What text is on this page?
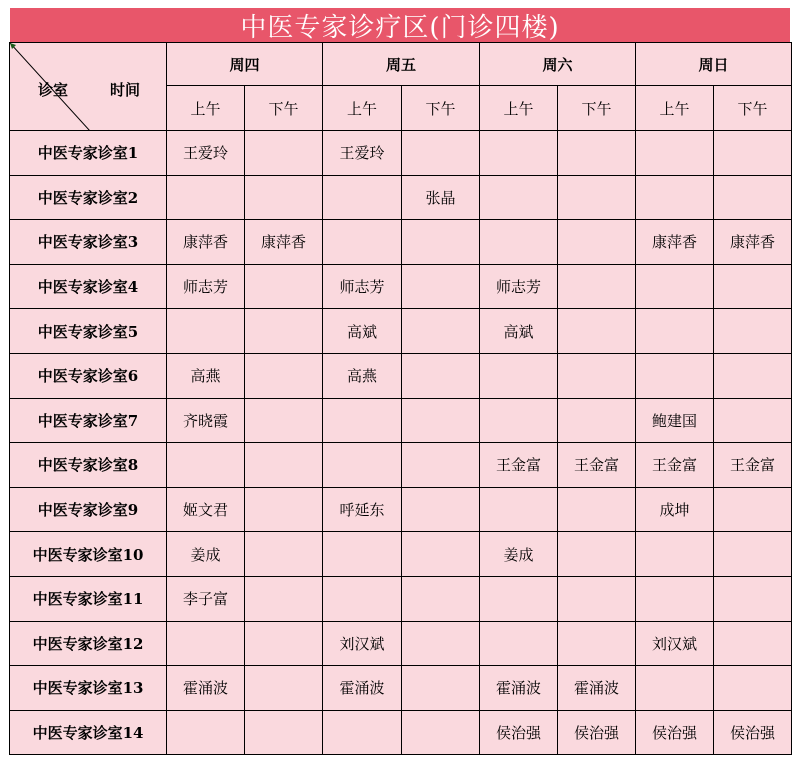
中医专家诊疗区(门诊四楼)
诊室 时间	周四		周五		周六		周日	
	上午	下午	上午	下午	上午	下午	上午	下午
中医专家诊室1	王爱玲		王爱玲					
中医专家诊室2				张晶				
中医专家诊室3	康萍香	康萍香					康萍香	康萍香
中医专家诊室4	师志芳		师志芳		师志芳			
中医专家诊室5			高斌		高斌			
中医专家诊室6	高燕		高燕					
中医专家诊室7	齐晓霞						鲍建国	
中医专家诊室8					王金富	王金富	王金富	王金富
中医专家诊室9	姬文君		呼延东				成坤	
中医专家诊室10	姜成				姜成			
中医专家诊室11	李子富							
中医专家诊室12			刘汉斌				刘汉斌	
中医专家诊室13	霍涌波		霍涌波		霍涌波	霍涌波		
中医专家诊室14					侯治强	侯治强	侯治强	侯治强
